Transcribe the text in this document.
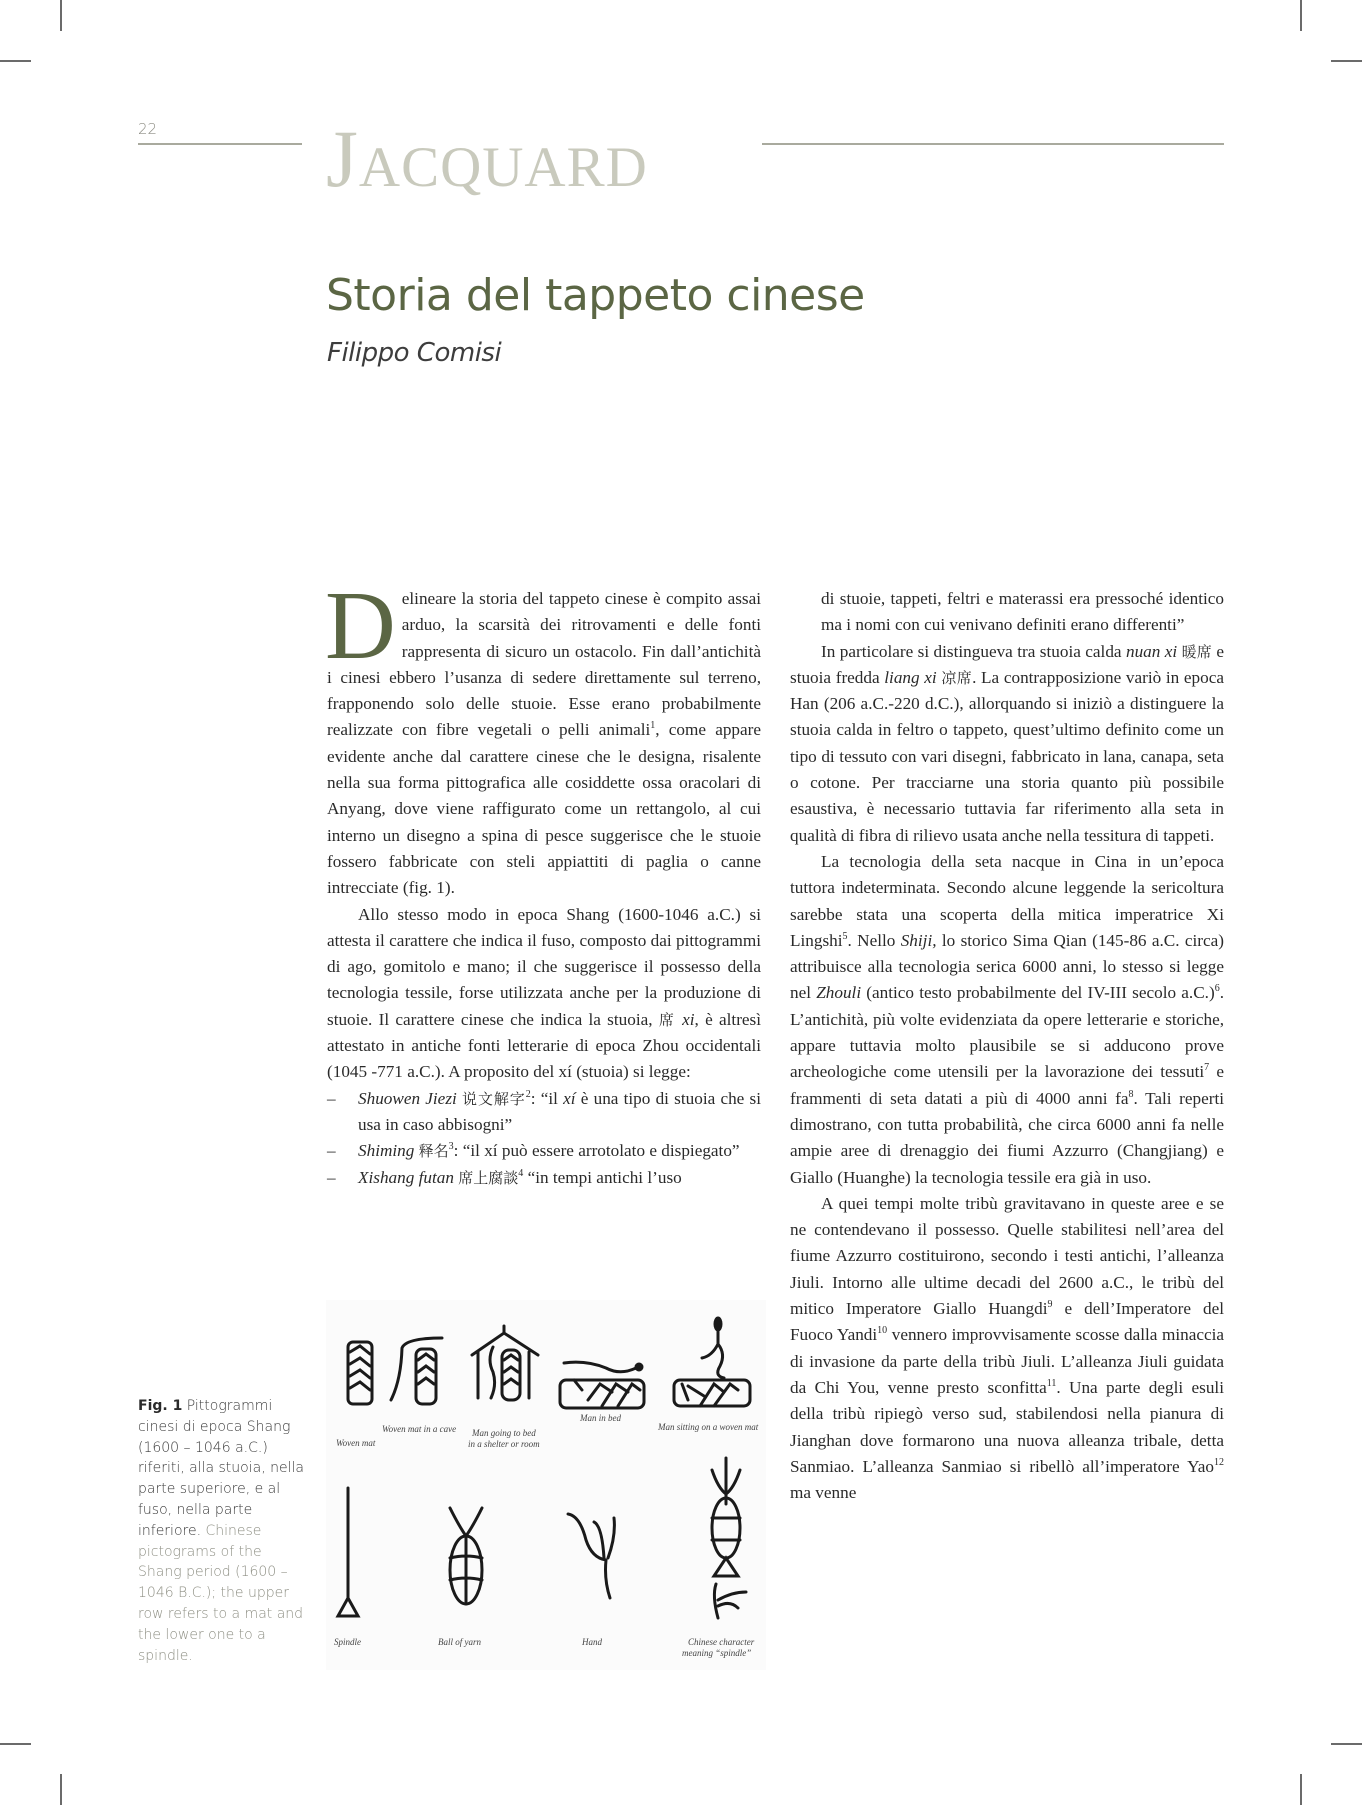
22 Jacquard
Storia del tappeto cinese
Filippo Comisi

Delineare la storia del tappeto cinese è compito assai arduo, la scarsità dei ritrovamenti e delle fonti rappresenta di sicuro un ostacolo. Fin dall’antichità i cinesi ebbero l’usanza di sedere direttamente sul terreno, frapponendo solo delle stuoie. Esse erano probabilmente realizzate con fibre vegetali o pelli animali$^1$, come appare evidente anche dal carattere cinese che le designa, risalente nella sua forma pittografica alle cosiddette ossa oracolari di Anyang, dove viene raffigurato come un rettangolo, al cui interno un disegno a spina di pesce suggerisce che le stuoie fossero fabbricate con steli appiattiti di paglia o canne intrecciate (fig. 1).

Allo stesso modo in epoca Shang (1600-1046 a.C.) si attesta il carattere che indica il fuso, composto dai pittogrammi di ago, gomitolo e mano; il che suggerisce il possesso della tecnologia tessile, forse utilizzata anche per la produzione di stuoie. Il carattere cinese che indica la stuoia, 席 xi, è altresì attestato in antiche fonti letterarie di epoca Zhou occidentali (1045 -771 a.C.). A proposito del xí (stuoia) si legge:

– Shuowen Jiezi 说文解字$^2$: “il xí è una tipo di stuoia che si usa in caso abbisogni”
– Shiming 释名$^3$: “il xí può essere arrotolato e dispiegato”
– Xishang futan 席上腐談$^4$ “in tempi antichi l’uso

di stuoie, tappeti, feltri e materassi era pressoché identico ma i nomi con cui venivano definiti erano differenti”

In particolare si distingueva tra stuoia calda nuan xi 暖席 e stuoia fredda liang xi 凉席. La contrapposizione variò in epoca Han (206 a.C.-220 d.C.), allorquando si iniziò a distinguere la stuoia calda in feltro o tappeto, quest’ultimo definito come un tipo di tessuto con vari disegni, fabbricato in lana, canapa, seta o cotone. Per tracciarne una storia quanto più possibile esaustiva, è necessario tuttavia far riferimento alla seta in qualità di fibra di rilievo usata anche nella tessitura di tappeti.

La tecnologia della seta nacque in Cina in un’epoca tuttora indeterminata. Secondo alcune leggende la sericoltura sarebbe stata una scoperta della mitica imperatrice Xi Lingshi$^5$. Nello Shiji, lo storico Sima Qian (145-86 a.C. circa) attribuisce alla tecnologia serica 6000 anni, lo stesso si legge nel Zhouli (antico testo probabilmente del IV-III secolo a.C.)$^6$. L’antichità, più volte evidenziata da opere letterarie e storiche, appare tuttavia molto plausibile se si adducono prove archeologiche come utensili per la lavorazione dei tessuti$^7$ e frammenti di seta datati a più di 4000 anni $fa^8$. Tali reperti dimostrano, con tutta probabilità, che circa 6000 anni fa nelle ampie aree di drenaggio dei fiumi Azzurro (Changjiang) e Giallo (Huanghe) la tecnologia tessile era già in uso.

A quei tempi molte tribù gravitavano in queste aree e se ne contendevano il possesso. Quelle stabilitesi nell’area del fiume Azzurro costituirono, secondo i testi antichi, l’alleanza Jiuli. Intorno alle ultime decadi del 2600 a.C., le tribù del mitico Imperatore Giallo Huangdi$^9$ e dell’Imperatore del Fuoco Yandi$^{10}$ vennero improvvisamente scosse dalla minaccia di invasione da parte della tribù Jiuli. L’alleanza Jiuli guidata da Chi You, venne presto sconfitta$^{11}$. Una parte degli esuli della tribù ripiegò verso sud, stabilendosi nella pianura di Jianghan dove formarono una nuova alleanza tribale, detta Sanmiao. L’alleanza Sanmiao si ribellò all’imperatore Yao$^{12}$ ma venne

Fig. 1 Pittogrammi cinesi di epoca Shang (1600 – 1046 a.C.) riferiti, alla stuoia, nella parte superiore, e al fuso, nella parte inferiore. Chinese pictograms of the Shang period (1600 – 1046 B.C.); the upper row refers to a mat and the lower one to a spindle.
Woven mat in a cave
Woven mat
Man going to bed
in a shelter or room
Man in bed
Man sitting on a woven mat
Spindle	Ball of yarn	Hand	Chinese character
meaning “spindle”
